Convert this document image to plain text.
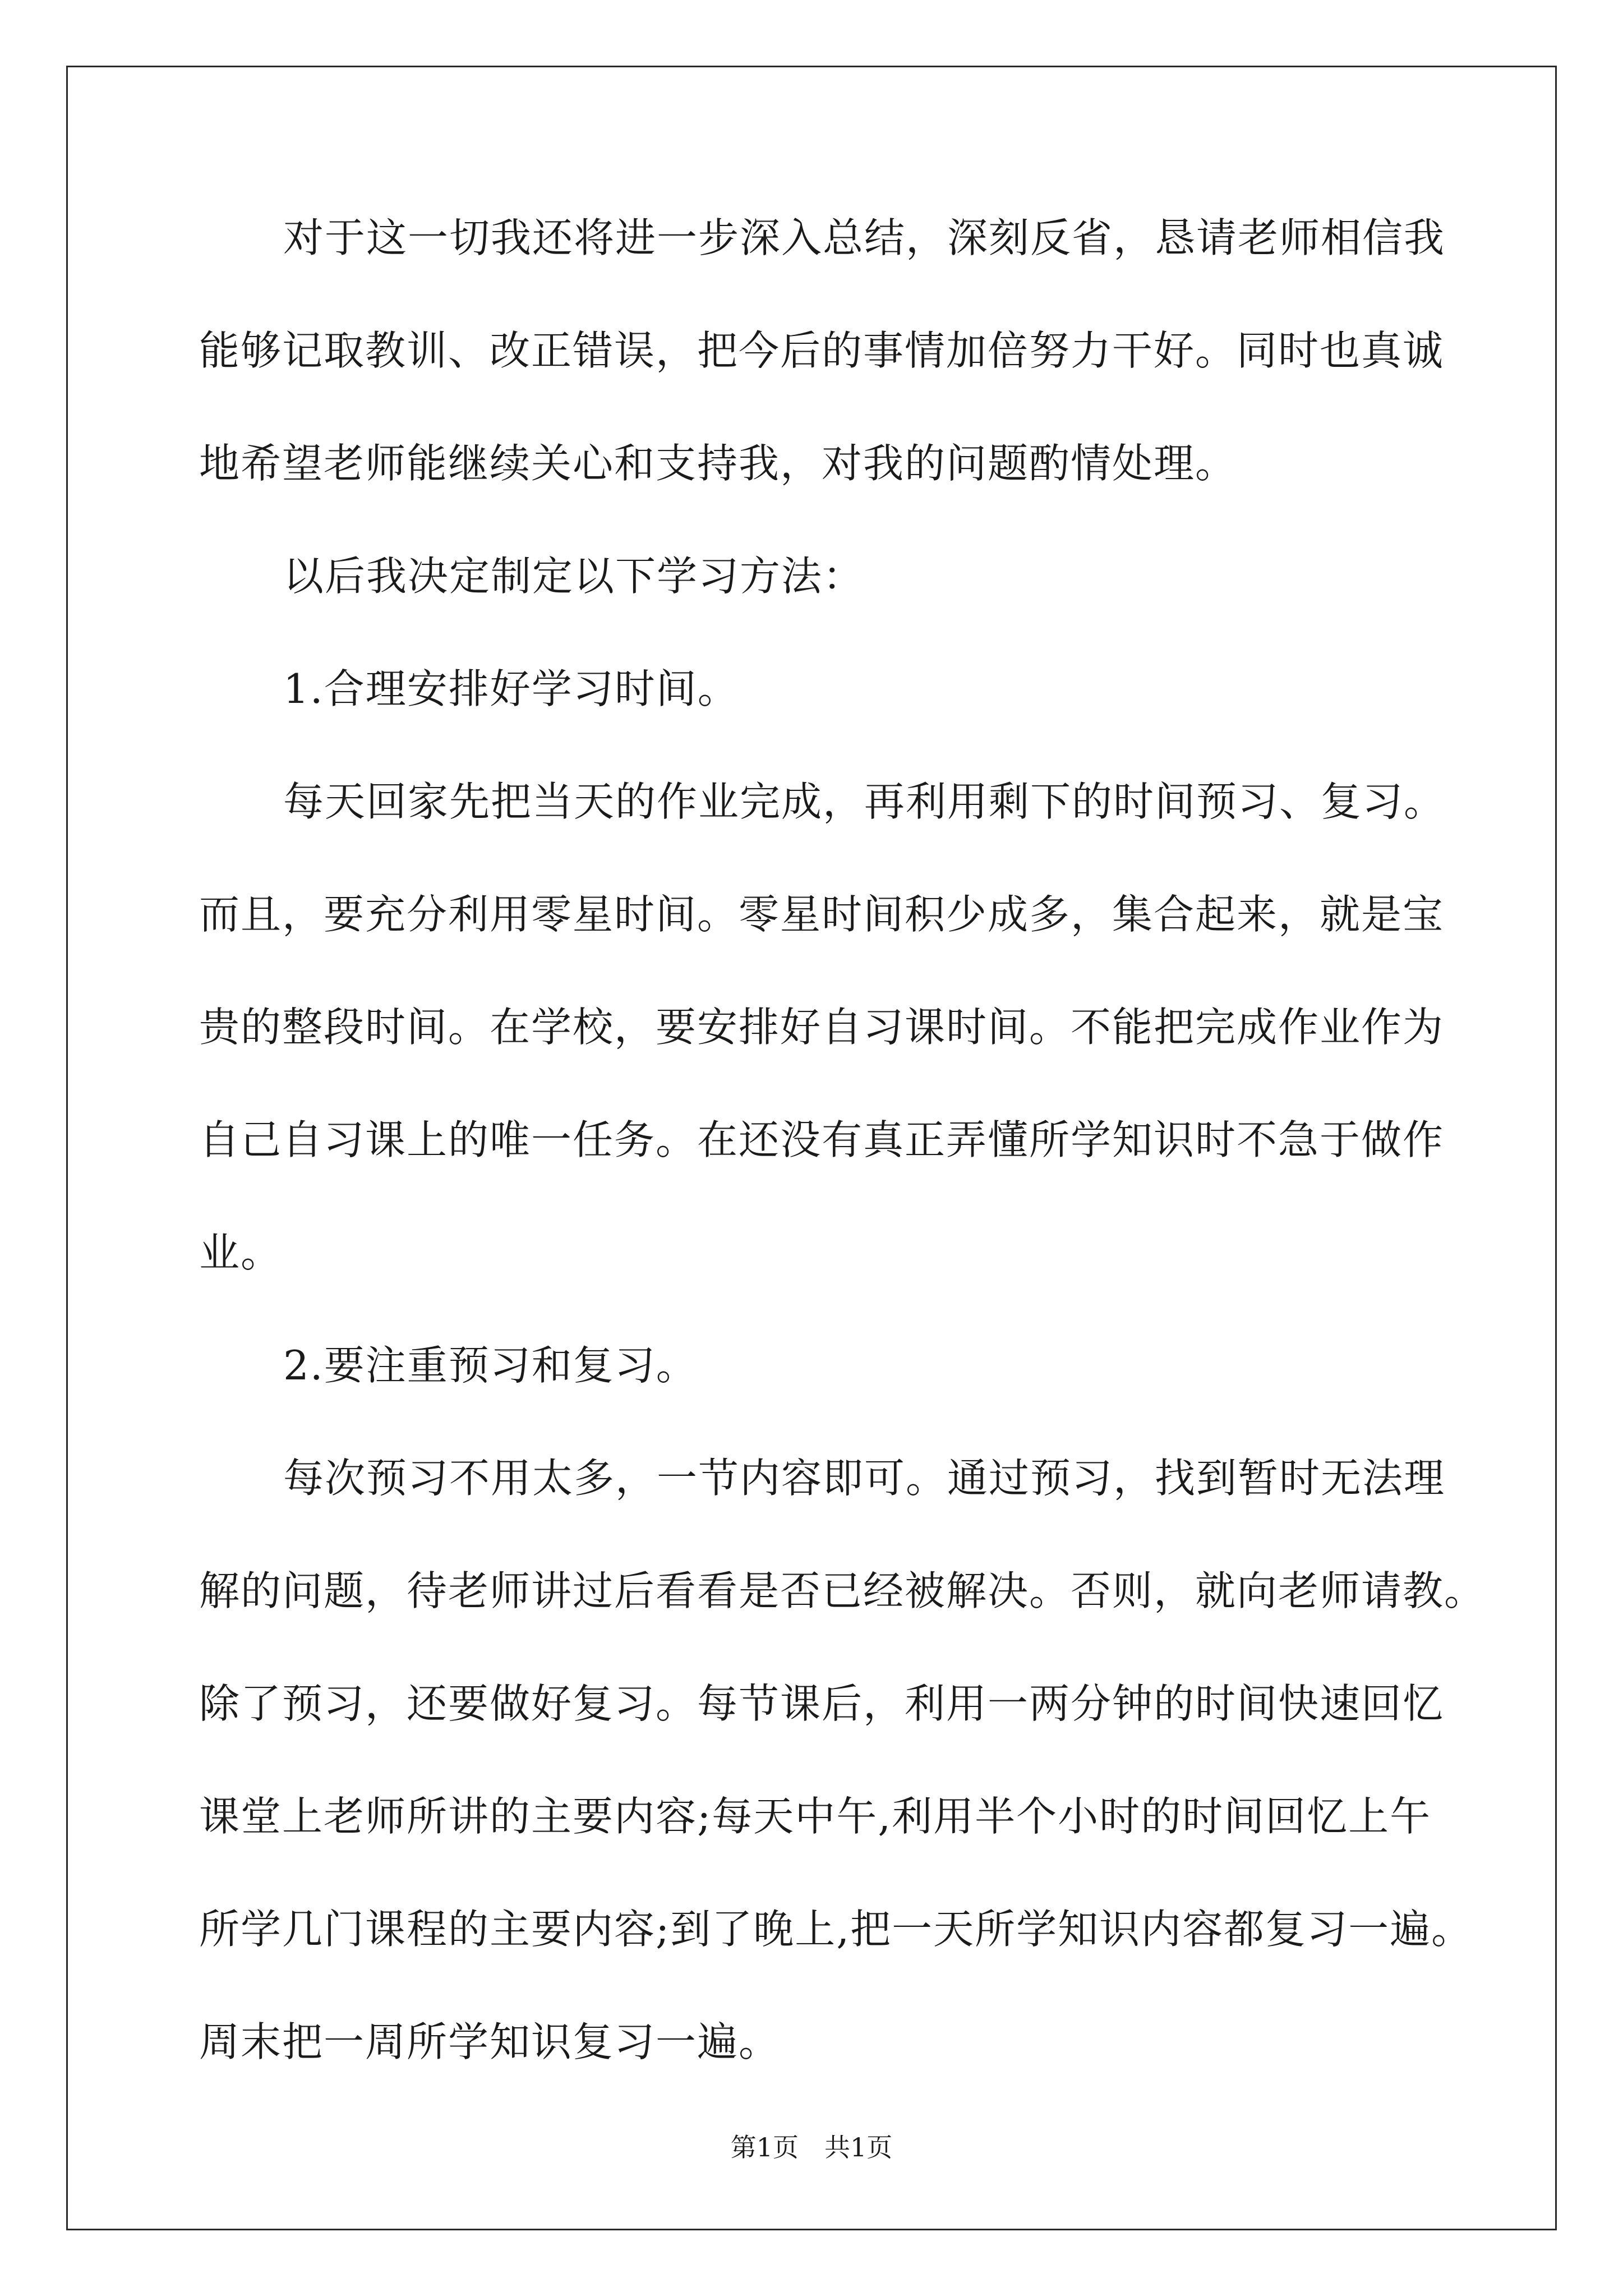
对于这一切我还将进一步深入总结，深刻反省，恳请老师相信我
能够记取教训、改正错误，把今后的事情加倍努力干好。同时也真诚
地希望老师能继续关心和支持我，对我的问题酌情处理。
以后我决定制定以下学习方法：
1.合理安排好学习时间。
每天回家先把当天的作业完成，再利用剩下的时间预习、复习。
而且，要充分利用零星时间。零星时间积少成多，集合起来，就是宝
贵的整段时间。在学校，要安排好自习课时间。不能把完成作业作为
自己自习课上的唯一任务。在还没有真正弄懂所学知识时不急于做作
业。
2.要注重预习和复习。
每次预习不用太多，一节内容即可。通过预习，找到暂时无法理
解的问题，待老师讲过后看看是否已经被解决。否则，就向老师请教。
除了预习，还要做好复习。每节课后，利用一两分钟的时间快速回忆
课堂上老师所讲的主要内容;每天中午,利用半个小时的时间回忆上午
所学几门课程的主要内容;到了晚上,把一天所学知识内容都复习一遍。
周末把一周所学知识复习一遍。
第1页 共1页
